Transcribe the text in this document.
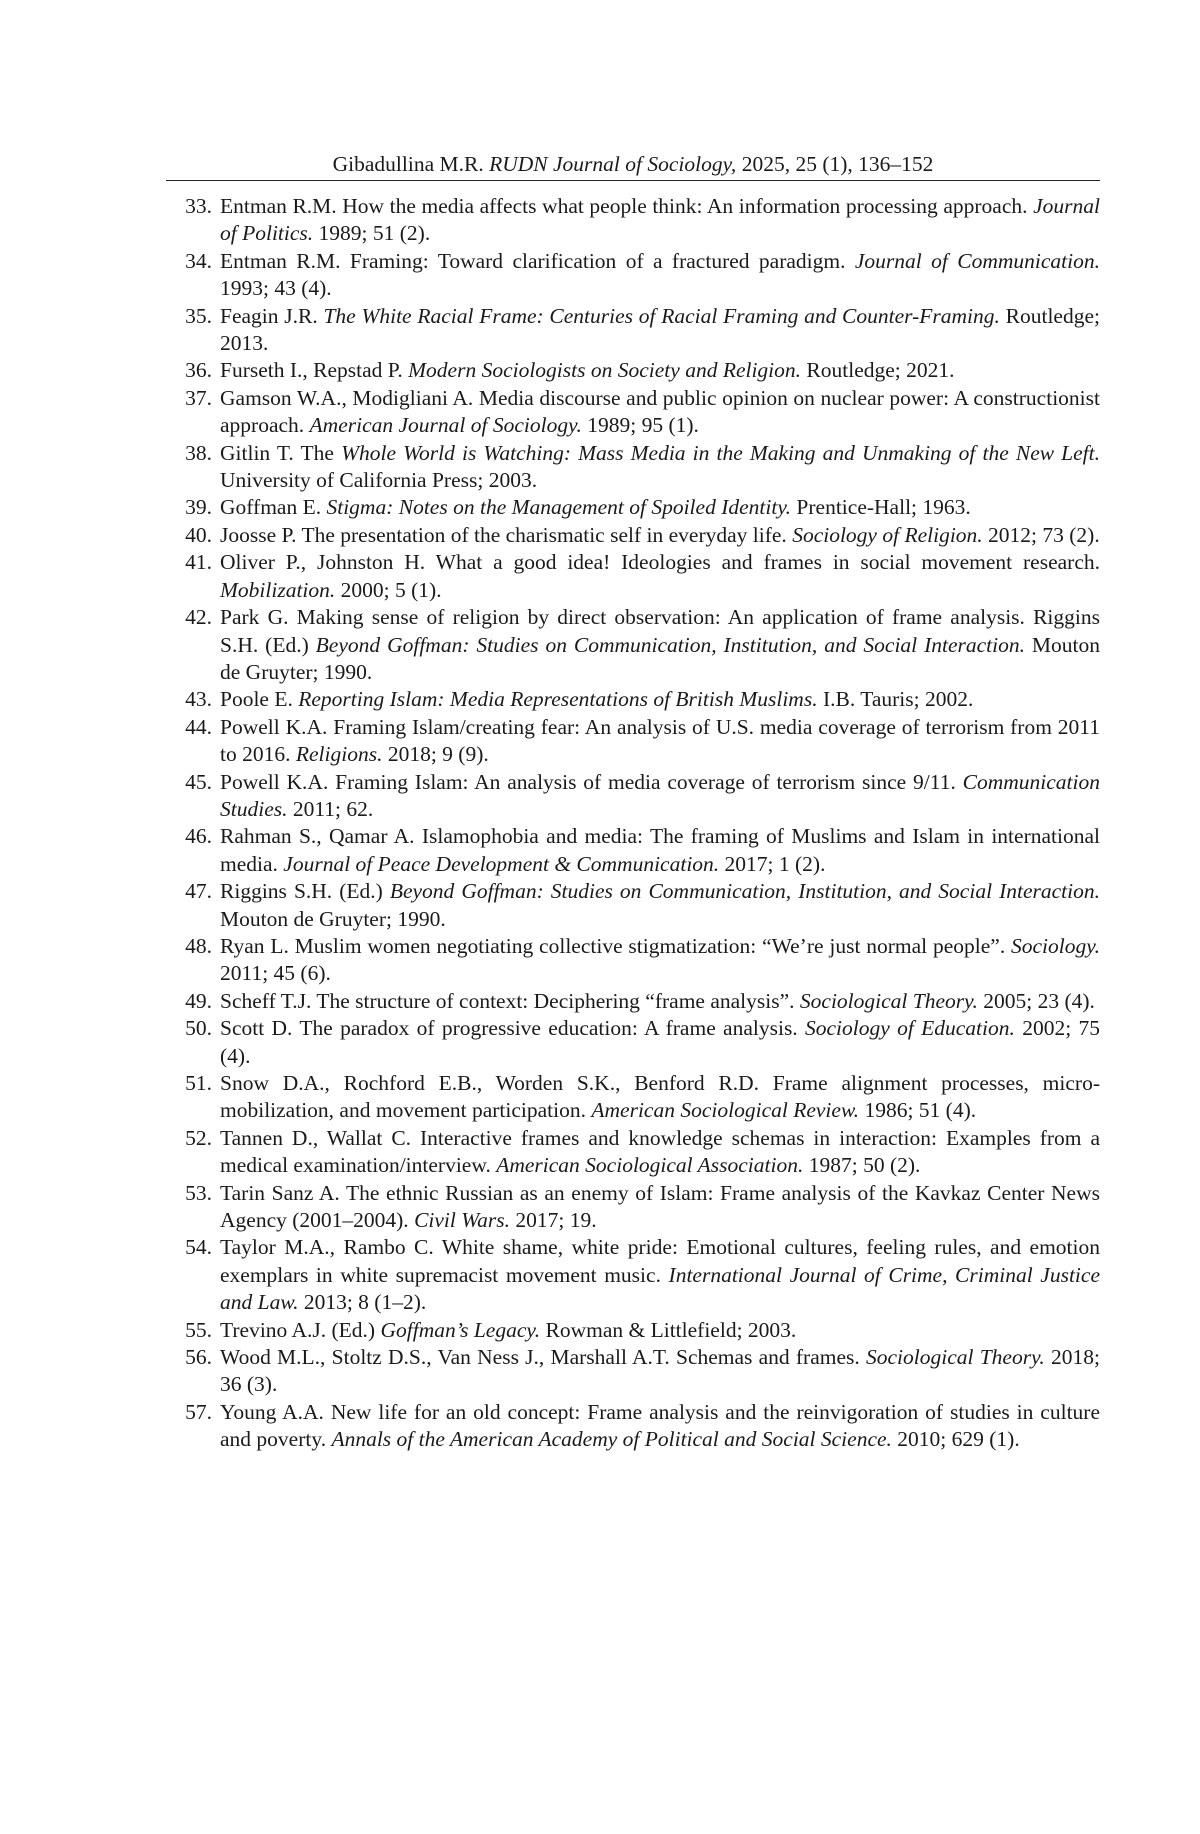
Gibadullina M.R. RUDN Journal of Sociology, 2025, 25 (1), 136–152
33. Entman R.M. How the media affects what people think: An information processing approach. Journal of Politics. 1989; 51 (2).
34. Entman R.M. Framing: Toward clarification of a fractured paradigm. Journal of Communication. 1993; 43 (4).
35. Feagin J.R. The White Racial Frame: Centuries of Racial Framing and Counter-Framing. Routledge; 2013.
36. Furseth I., Repstad P. Modern Sociologists on Society and Religion. Routledge; 2021.
37. Gamson W.A., Modigliani A. Media discourse and public opinion on nuclear power: A constructionist approach. American Journal of Sociology. 1989; 95 (1).
38. Gitlin T. The Whole World is Watching: Mass Media in the Making and Unmaking of the New Left. University of California Press; 2003.
39. Goffman E. Stigma: Notes on the Management of Spoiled Identity. Prentice-Hall; 1963.
40. Joosse P. The presentation of the charismatic self in everyday life. Sociology of Religion. 2012; 73 (2).
41. Oliver P., Johnston H. What a good idea! Ideologies and frames in social movement research. Mobilization. 2000; 5 (1).
42. Park G. Making sense of religion by direct observation: An application of frame analysis. Riggins S.H. (Ed.) Beyond Goffman: Studies on Communication, Institution, and Social Interaction. Mouton de Gruyter; 1990.
43. Poole E. Reporting Islam: Media Representations of British Muslims. I.B. Tauris; 2002.
44. Powell K.A. Framing Islam/creating fear: An analysis of U.S. media coverage of terrorism from 2011 to 2016. Religions. 2018; 9 (9).
45. Powell K.A. Framing Islam: An analysis of media coverage of terrorism since 9/11. Communication Studies. 2011; 62.
46. Rahman S., Qamar A. Islamophobia and media: The framing of Muslims and Islam in international media. Journal of Peace Development & Communication. 2017; 1 (2).
47. Riggins S.H. (Ed.) Beyond Goffman: Studies on Communication, Institution, and Social Interaction. Mouton de Gruyter; 1990.
48. Ryan L. Muslim women negotiating collective stigmatization: “We’re just normal people”. Sociology. 2011; 45 (6).
49. Scheff T.J. The structure of context: Deciphering “frame analysis”. Sociological Theory. 2005; 23 (4).
50. Scott D. The paradox of progressive education: A frame analysis. Sociology of Education. 2002; 75 (4).
51. Snow D.A., Rochford E.B., Worden S.K., Benford R.D. Frame alignment processes, micro-mobilization, and movement participation. American Sociological Review. 1986; 51 (4).
52. Tannen D., Wallat C. Interactive frames and knowledge schemas in interaction: Examples from a medical examination/interview. American Sociological Association. 1987; 50 (2).
53. Tarin Sanz A. The ethnic Russian as an enemy of Islam: Frame analysis of the Kavkaz Center News Agency (2001–2004). Civil Wars. 2017; 19.
54. Taylor M.A., Rambo C. White shame, white pride: Emotional cultures, feeling rules, and emotion exemplars in white supremacist movement music. International Journal of Crime, Criminal Justice and Law. 2013; 8 (1–2).
55. Trevino A.J. (Ed.) Goffman’s Legacy. Rowman & Littlefield; 2003.
56. Wood M.L., Stoltz D.S., Van Ness J., Marshall A.T. Schemas and frames. Sociological Theory. 2018; 36 (3).
57. Young A.A. New life for an old concept: Frame analysis and the reinvigoration of studies in culture and poverty. Annals of the American Academy of Political and Social Science. 2010; 629 (1).
